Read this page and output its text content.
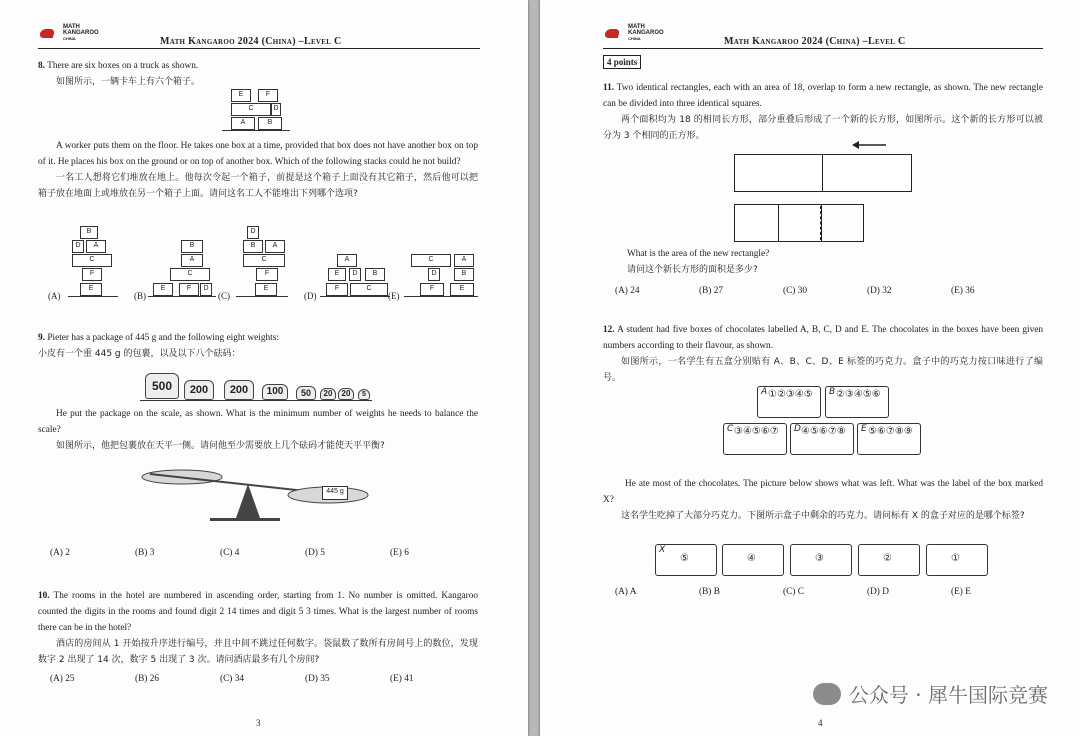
MATH
KANGAROO
CHINA	Math Kangaroo 2024 (China) –Level C
8. There are six boxes on a truck as shown.
如图所示，一辆卡车上有六个箱子。
E	F
C	D
A	B
A worker puts them on the floor. He takes one box at a time, provided that box does not have another box on top of it. He places his box on the ground or on top of another box. Which of the following stacks could he not build?
一名工人想将它们堆放在地上。他每次令起一个箱子，前提是这个箱子上面没有其它箱子，然后他可以把箱子放在地面上或堆放在另一个箱子上面。请问这名工人不能堆出下列哪个选项?
(A)
B
D	A
C
F
E
(B)
B
A
C
E	F	D
(C)
D
B	A
C
F
E
(D)
A
E	D	B
F	C
(E)
C	A
D	B
F	E
9. Pieter has a package of 445 g and the following eight weights:
小皮有一个重 445 g 的包裹，以及以下八个砝码：
500	200	200	100	50	20	20	5
He put the package on the scale, as shown. What is the minimum number of weights he needs to balance the scale?
如图所示，他把包裹放在天平一侧。请问他至少需要放上几个砝码才能使天平平衡?
445 g
(A) 2	(B) 3	(C) 4	(D) 5	(E) 6
10. The rooms in the hotel are numbered in ascending order, starting from 1. No number is omitted. Kangaroo counted the digits in the rooms and found digit 2 14 times and digit 5 3 times. What is the largest number of rooms there can be in the hotel?
酒店的房间从 1 开始按升序进行编号，并且中间不跳过任何数字。袋鼠数了数所有房间号上的数位，发现数字 2 出现了 14 次，数字 5 出现了 3 次。请问酒店最多有几个房间?
(A) 25	(B) 26	(C) 34	(D) 35	(E) 41
3
MATH
KANGAROO
CHINA	Math Kangaroo 2024 (China) –Level C
4 points
11. Two identical rectangles, each with an area of 18, overlap to form a new rectangle, as shown. The new rectangle can be divided into three identical squares.
两个面积均为 18 的相同长方形，部分重叠后形成了一个新的长方形，如图所示。这个新的长方形可以被分为 3 个相同的正方形。
What is the area of the new rectangle?
请问这个新长方形的面积是多少?
(A) 24	(B) 27	(C) 30	(D) 32	(E) 36
12. A student had five boxes of chocolates labelled A, B, C, D and E. The chocolates in the boxes have been given numbers according to their flavour, as shown.
如图所示，一名学生有五盒分别贴有 A、B、C、D、E 标签的巧克力。盒子中的巧克力按口味进行了编号。
A ①②③④⑤ B ②③④⑤⑥
C ③④⑤⑥⑦ D ④⑤⑥⑦⑧ E ⑤⑥⑦⑧⑨
He ate most of the chocolates. The picture below shows what was left. What was the label of the box marked X?
这名学生吃掉了大部分巧克力。下图所示盒子中剩余的巧克力。请问标有 X 的盒子对应的是哪个标签?
X
⑤	④	③	②	①
(A) A	(B) B	(C) C	(D) D	(E) E
4
公众号 · 犀牛国际竞赛
